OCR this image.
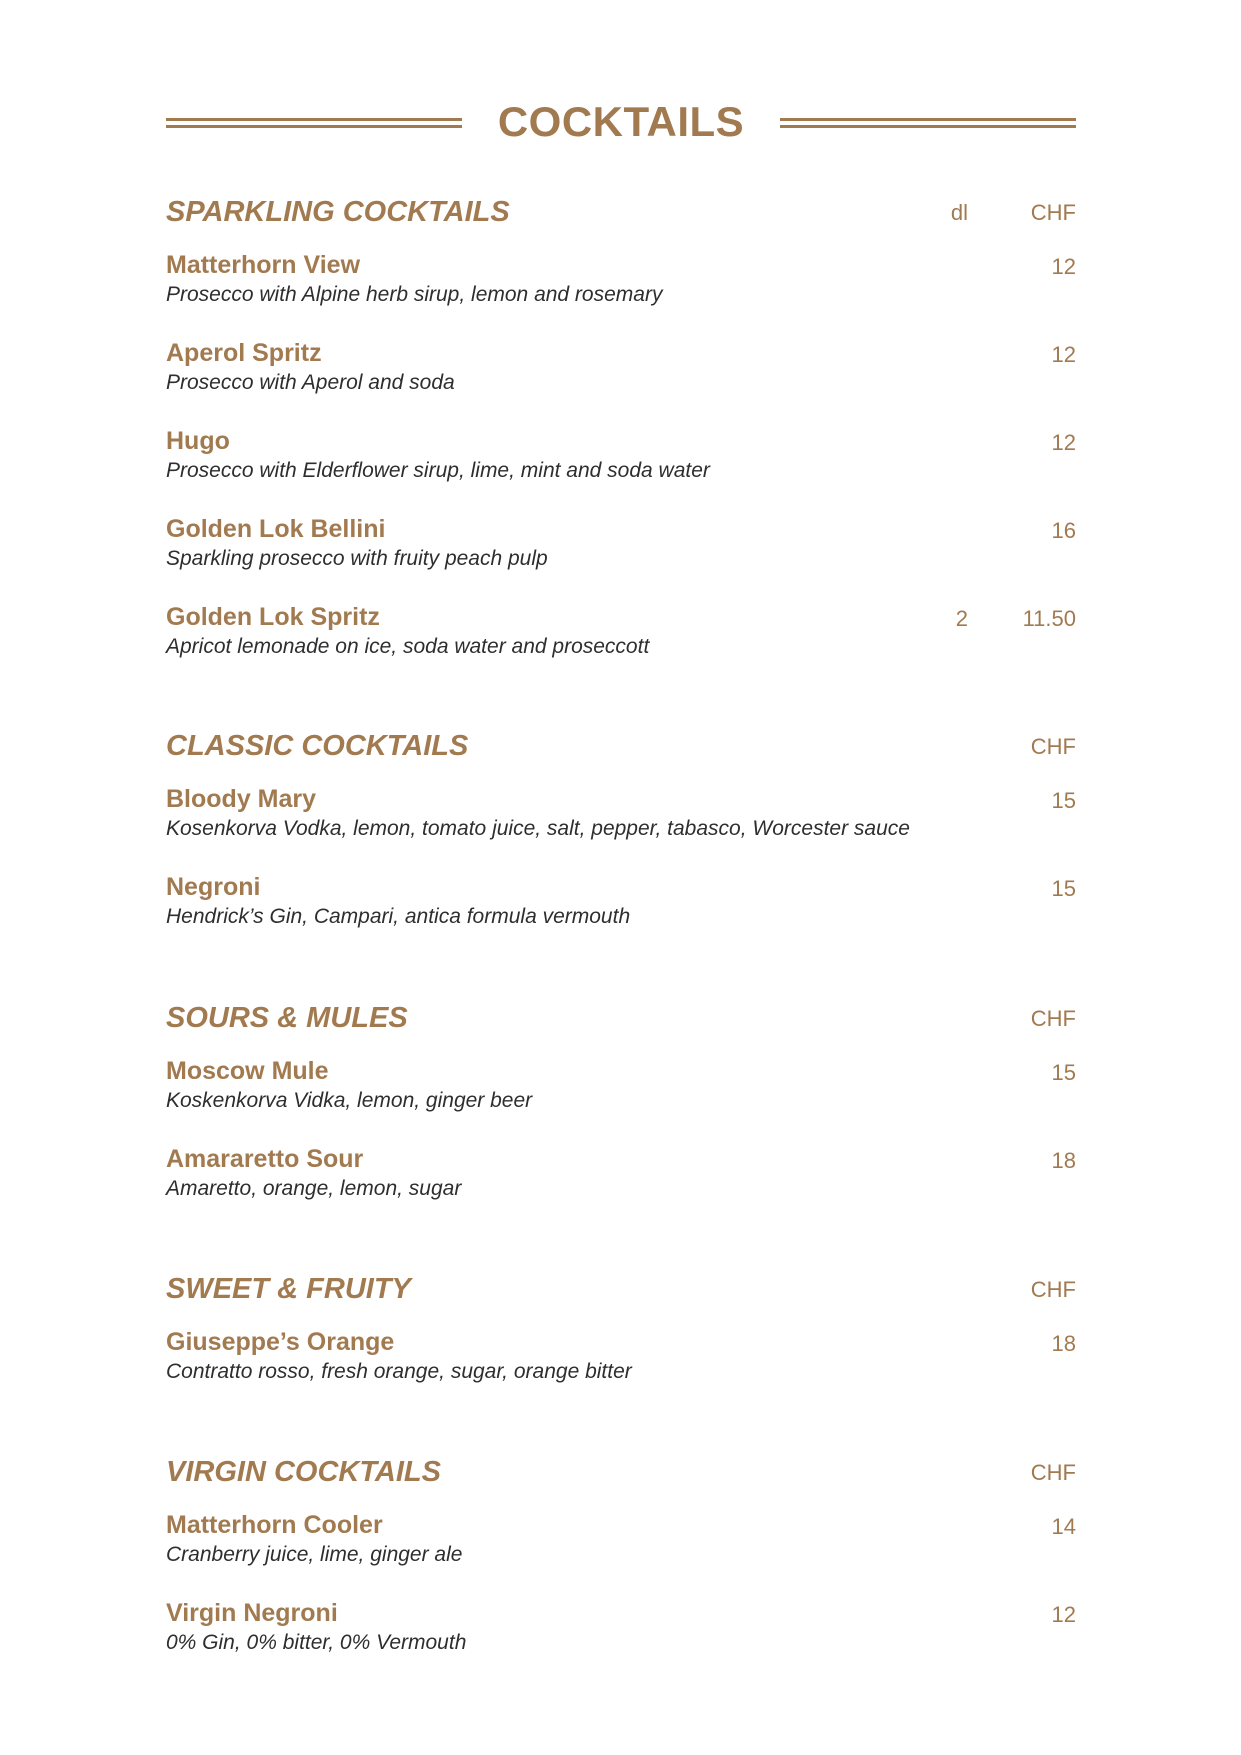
COCKTAILS
SPARKLING COCKTAILS	dl	CHF
Matterhorn View
Prosecco with Alpine herb sirup, lemon and rosemary
12
Aperol Spritz
Prosecco with Aperol and soda
12
Hugo
Prosecco with Elderflower sirup, lime, mint and soda water
12
Golden Lok Bellini
Sparkling prosecco with fruity peach pulp
16
Golden Lok Spritz
Apricot lemonade on ice, soda water and proseccott
2 11.50
CLASSIC COCKTAILS	CHF
Bloody Mary
Kosenkorva Vodka, lemon, tomato juice, salt, pepper, tabasco, Worcester sauce
15
Negroni
Hendrick’s Gin, Campari, antica formula vermouth
15
SOURS & MULES	CHF
Moscow Mule
Koskenkorva Vidka, lemon, ginger beer
15
Amararetto Sour
Amaretto, orange, lemon, sugar
18
SWEET & FRUITY	CHF
Giuseppe’s Orange
Contratto rosso, fresh orange, sugar, orange bitter
18
VIRGIN COCKTAILS	CHF
Matterhorn Cooler
Cranberry juice, lime, ginger ale
14
Virgin Negroni
0% Gin, 0% bitter, 0% Vermouth
12
